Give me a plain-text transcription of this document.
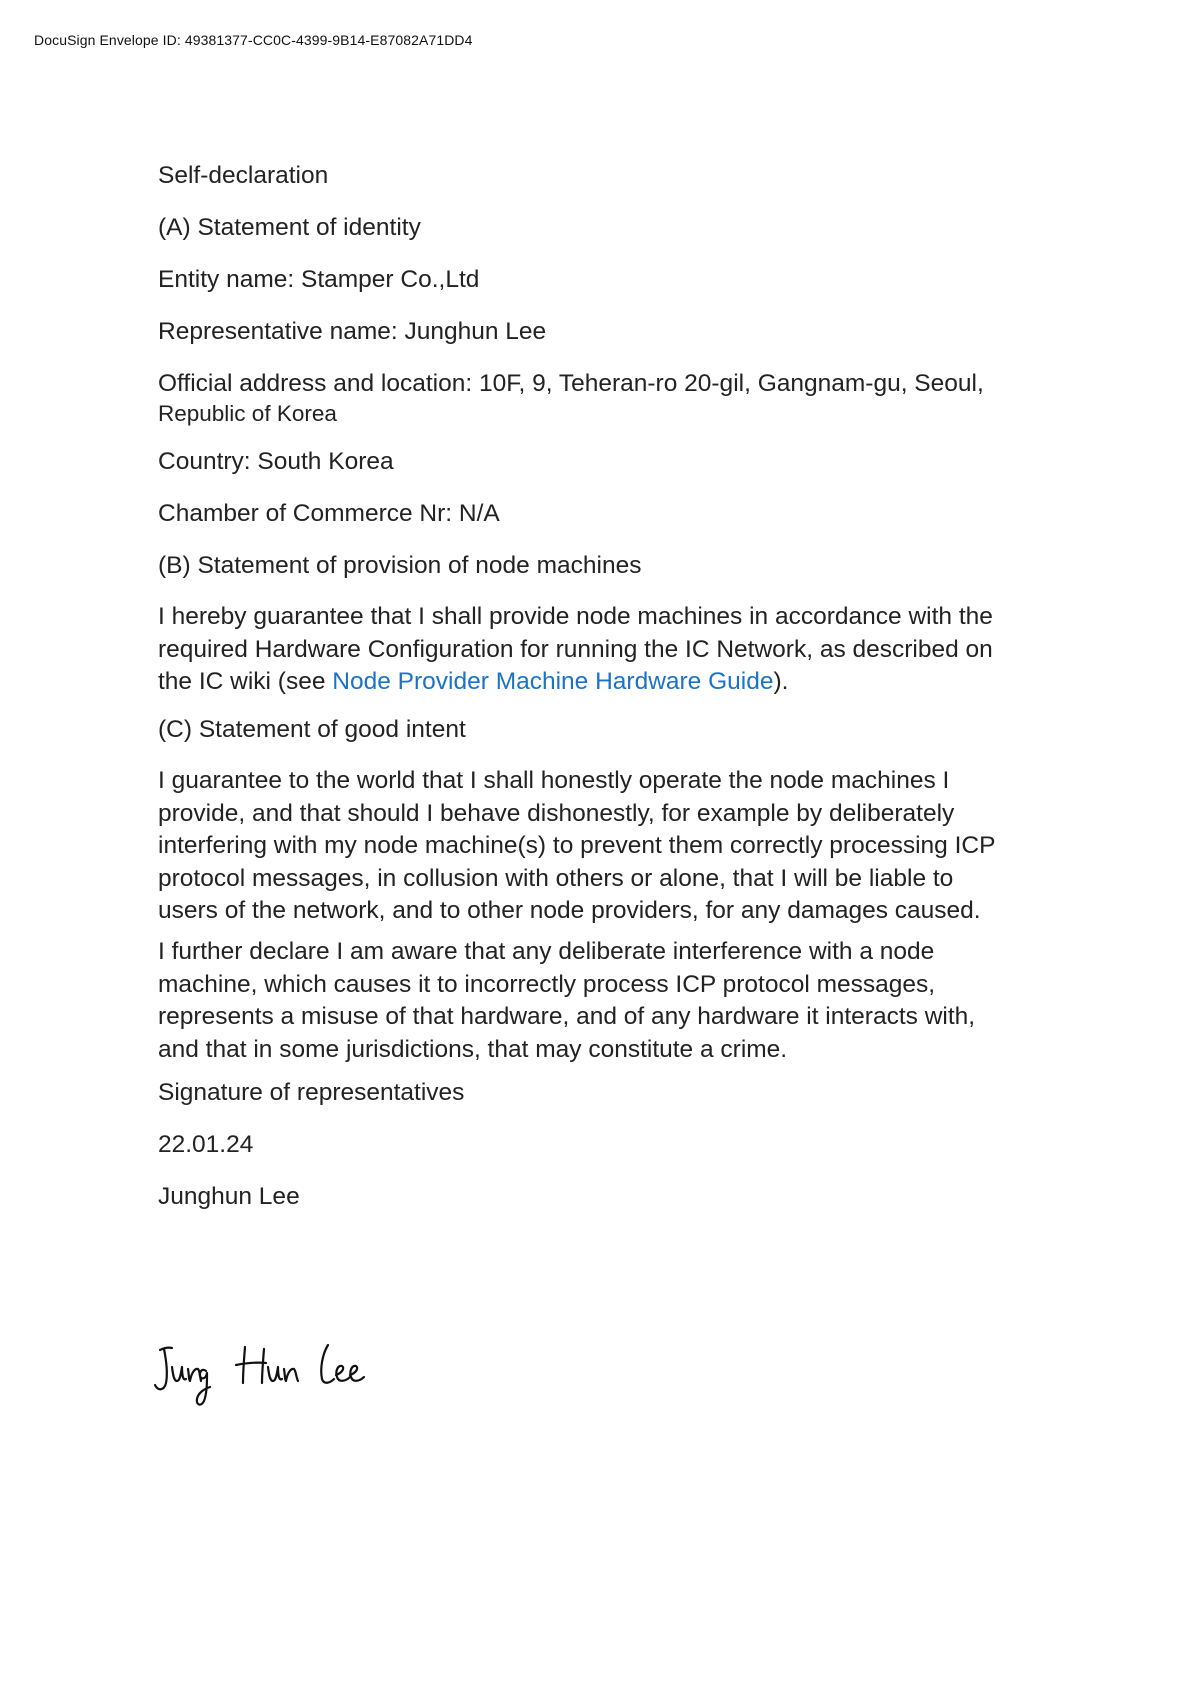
DocuSign Envelope ID: 49381377-CC0C-4399-9B14-E87082A71DD4
Self-declaration
(A) Statement of identity
Entity name: Stamper Co.,Ltd
Representative name: Junghun Lee
Official address and location: 10F, 9, Teheran-ro 20-gil, Gangnam-gu, Seoul,
Republic of Korea
Country: South Korea
Chamber of Commerce Nr: N/A
(B) Statement of provision of node machines
I hereby guarantee that I shall provide node machines in accordance with the
required Hardware Configuration for running the IC Network, as described on
the IC wiki (see Node Provider Machine Hardware Guide).
(C) Statement of good intent
I guarantee to the world that I shall honestly operate the node machines I
provide, and that should I behave dishonestly, for example by deliberately
interfering with my node machine(s) to prevent them correctly processing ICP
protocol messages, in collusion with others or alone, that I will be liable to
users of the network, and to other node providers, for any damages caused.
I further declare I am aware that any deliberate interference with a node
machine, which causes it to incorrectly process ICP protocol messages,
represents a misuse of that hardware, and of any hardware it interacts with,
and that in some jurisdictions, that may constitute a crime.
Signature of representatives
22.01.24
Junghun Lee
